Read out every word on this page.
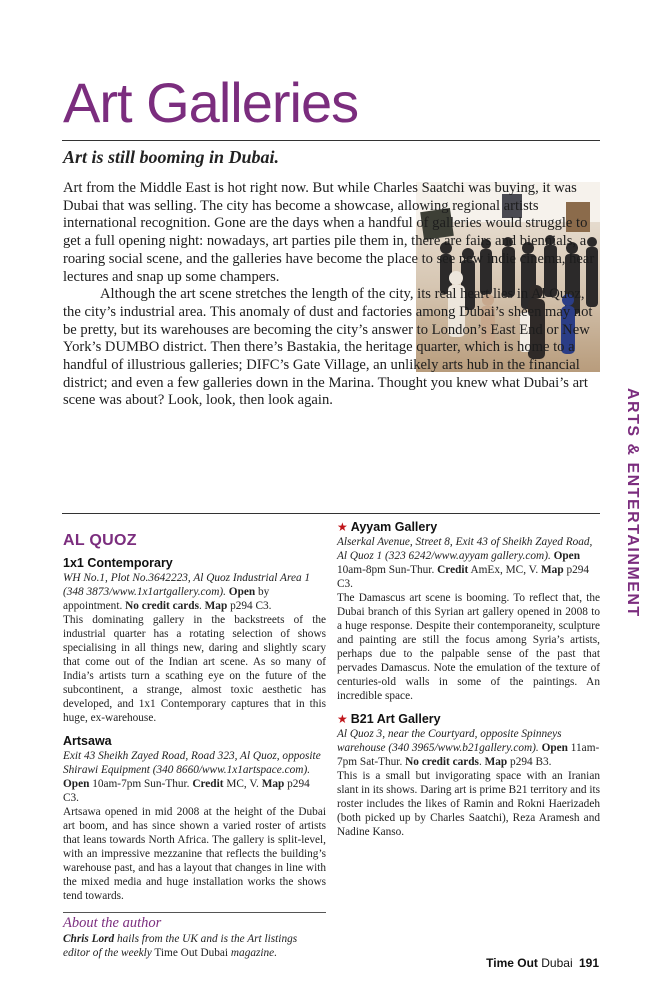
Art Galleries
Art is still booming in Dubai.

Art from the Middle East is hot right now. But while Charles Saatchi was buying, it was Dubai that was selling. The city has become a showcase, allowing regional artists international recognition. Gone are the days when a handful of galleries would struggle to get a full opening night: nowadays, art parties pile them in, there are fairs and biennials, a roaring social scene, and the galleries have become the place to see new indie cinema, hear lectures and snap up some champers.

Although the art scene stretches the length of the city, its real heart lies in Al Quoz, the city’s industrial area. This anomaly of dust and factories among Dubai’s sheen may not be pretty, but its warehouses are becoming the city’s answer to London’s East End or New York’s DUMBO district. Then there’s Bastakia, the heritage quarter, which is home to a handful of illustrious galleries; DIFC’s Gate Village, an unlikely arts hub in the financial district; and even a few galleries down in the Marina. Thought you knew what Dubai’s art scene was about? Look, look, then look again.	ARTS & ENTERTAINMENT
AL QUOZ

1x1 Contemporary

WH No.1, Plot No.3642223, Al Quoz Industrial Area 1 (348 3873/www.1x1artgallery.com). Open by appointment. No credit cards. Map p294 C3.

This dominating gallery in the backstreets of the industrial quarter has a rotating selection of shows specialising in all things new, daring and slightly scary that come out of the Indian art scene. As so many of India’s artists turn a scathing eye on the future of the subcontinent, a strange, almost toxic aesthetic has developed, and 1x1 Contemporary captures that in this huge, ex-warehouse.

Artsawa

Exit 43 Sheikh Zayed Road, Road 323, Al Quoz, opposite Shirawi Equipment (340 8660/www.1x1artspace.com). Open 10am-7pm Sun-Thur. Credit MC, V. Map p294 C3.

Artsawa opened in mid 2008 at the height of the Dubai art boom, and has since shown a varied roster of artists that leans towards North Africa. The gallery is split-level, with an impressive mezzanine that reflects the building’s warehouse past, and has a layout that changes in line with the mixed media and huge installation works the shows tend towards.

About the author

Chris Lord hails from the UK and is the Art listings editor of the weekly Time Out Dubai magazine.

★ Ayyam Gallery

Alserkal Avenue, Street 8, Exit 43 of Sheikh Zayed Road, Al Quoz 1 (323 6242/www.ayyam gallery.com). Open 10am-8pm Sun-Thur. Credit AmEx, MC, V. Map p294 C3.

The Damascus art scene is booming. To reflect that, the Dubai branch of this Syrian art gallery opened in 2008 to a huge response. Despite their contemporaneity, sculpture and painting are still the focus among Syria’s artists, perhaps due to the palpable sense of the past that pervades Damascus. Note the emulation of the texture of centuries-old walls in some of the paintings. An incredible space.

★ B21 Art Gallery

Al Quoz 3, near the Courtyard, opposite Spinneys warehouse (340 3965/www.b21gallery.com). Open 11am-7pm Sat-Thur. No credit cards. Map p294 B3.

This is a small but invigorating space with an Iranian slant in its shows. Daring art is prime B21 territory and its roster includes the likes of Ramin and Rokni Haerizadeh (both picked up by Charles Saatchi), Reza Aramesh and Nadine Kanso.

Time Out Dubai 191
